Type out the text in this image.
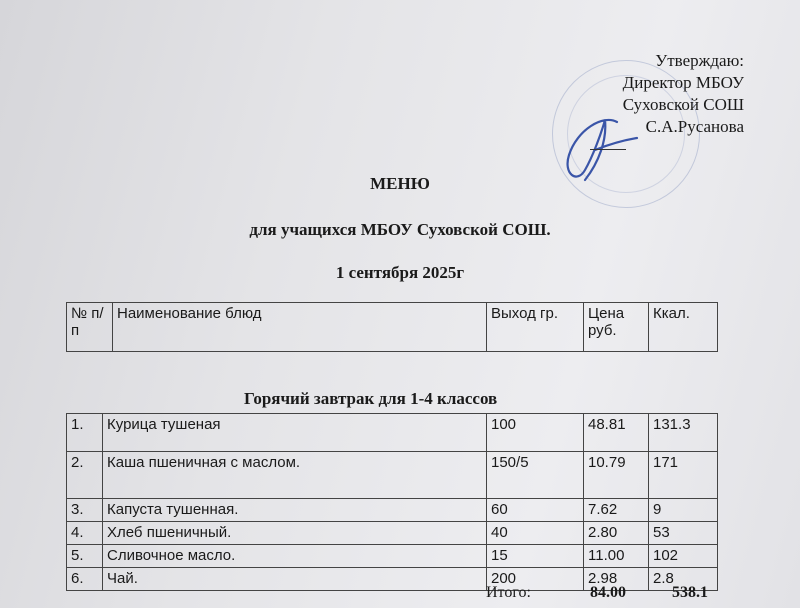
Утверждаю:
Директор МБОУ
Суховской СОШ
С.А.Русанова
МЕНЮ
для учащихся МБОУ Суховской СОШ.
1 сентября 2025г
№ п/п	Наименование блюд	Выход гр.	Цена руб.	Ккал.
Горячий завтрак для 1-4 классов
1.	Курица тушеная	100	48.81	131.3
2.	Каша пшеничная с маслом.	150/5	10.79	171
3.	Капуста тушенная.	60	7.62	9
4.	Хлеб пшеничный.	40	2.80	53
5.	Сливочное масло.	15	11.00	102
6.	Чай.	200	2.98	2.8
Итого:	84.00	538.1
